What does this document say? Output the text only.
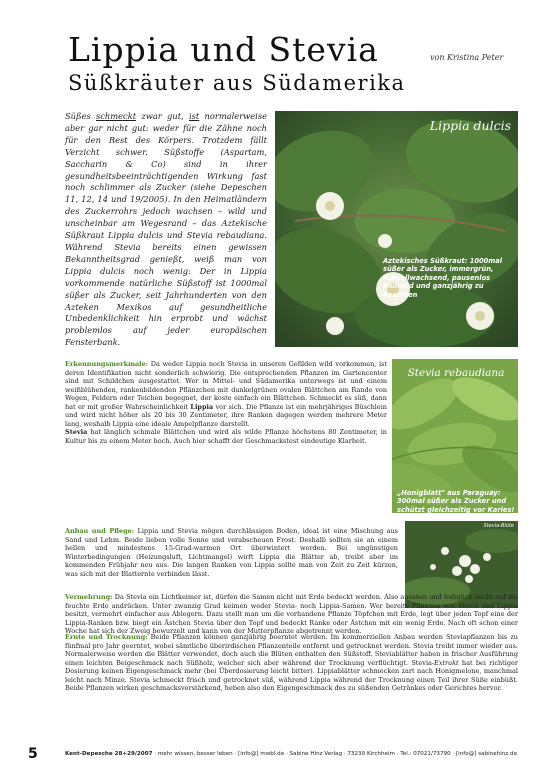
Lippia und Stevia
Süßkräuter aus Südamerika
von Kristina Peter
Süßes schmeckt zwar gut, ist normalerweise aber gar nicht gut: weder für die Zähne noch für den Rest des Körpers. Trotzdem fällt Verzicht schwer. Süßstoffe (Aspartam, Saccharin & Co) sind in ihrer gesundheitsbeeinträchtigenden Wirkung fast noch schlimmer als Zucker (siehe Depeschen 11, 12, 14 und 19/2005). In den Heimatländern des Zuckerrohrs jedoch wachsen – wild und unscheinbar am Wegesrand – das Aztekische Süßkraut Lippia dulcis und Stevia rebaudiana. Während Stevia bereits einen gewissen Bekanntheitsgrad genießt, weiß man von Lippia dulcis noch wenig: Der in Lippia vorkommende natürliche Süßstoff ist 1000mal süßer als Zucker, seit Jahrhunderten von den Azteken Mexikos auf gesundheitliche Unbedenklichkeit hin erprobt und wächst problemlos auf jeder europäischen Fensterbank.
Lippia dulcis
Aztekisches Süßkraut: 1000mal süßer als Zucker, immergrün, schnellwachsend, pausenlos blühend und ganzjährig zu beernten
Stevia rebaudiana
„Honigblatt" aus Paraguay: 300mal süßer als Zucker und schützt gleichzeitig vor Karies!
Stevia-Blüte
Erkennungsmerkmale: Da weder Lippia noch Stevia in unseren Gefilden wild vorkommen, ist deren Identifikation nicht sonderlich schwierig. Die entsprechenden Pflanzen im Gartencenter sind mit Schildchen ausgestattet. Wer in Mittel- und Südamerika unterwegs ist und einem weißblühenden, rankenbildenden Pflänzchen mit dunkelgrünen ovalen Blättchen am Rande von Wegen, Feldern oder Teichen begegnet, der koste einfach ein Blättchen. Schmeckt es süß, dann hat er mit großer Wahrscheinlichkeit Lippia vor sich. Die Pflanze ist ein mehrjähriges Büschlein und wird nicht höher als 20 bis 30 Zentimeter, ihre Ranken dagegen werden mehrere Meter lang, weshalb Lippia eine ideale Ampelpflanze darstellt.
Stevia hat länglich schmale Blättchen und wird als wilde Pflanze höchstens 80 Zentimeter, in Kultur bis zu einem Meter hoch. Auch hier schafft der Geschmackstest eindeutige Klarheit.
Anbau und Pflege: Lippia und Stevia mögen durchlässigen Boden, ideal ist eine Mischung aus Sand und Lehm. Beide lieben volle Sonne und verabscheuen Frost. Deshalb sollten sie an einem hellen und mindestens 15-Grad-warmen Ort überwintert werden. Bei ungünstigen Winterbedingungen (Heizungsluft, Lichtmangel) wirft Lippia die Blätter ab, treibt aber im kommenden Frühjahr neu aus. Die langen Ranken von Lippia sollte man von Zeit zu Zeit kürzen, was sich mit der Blatternte verbinden lässt.
Vermehrung: Da Stevia ein Lichtkeimer ist, dürfen die Samen nicht mit Erde bedeckt werden. Also aussäen und lediglich leicht auf die feuchte Erde andrücken. Unter zwanzig Grad keimen weder Stevia- noch Lippia-Samen. Wer bereits Pflanzen von Stevia und Lippia besitzt, vermehrt einfacher aus Ablegern. Dazu stellt man um die vorhandene Pflanze Töpfchen mit Erde, legt über jeden Topf eine der Lippia-Ranken bzw. biegt ein Ästchen Stevia über den Topf und bedeckt Ranke oder Ästchen mit ein wenig Erde. Nach oft schon einer Woche hat sich der Zweig bewurzelt und kann von der Mutterpflanze abgetrennt werden.
Ernte und Trocknung: Beide Pflanzen können ganzjährig beerntet werden. Im kommerziellen Anbau werden Steviapflanzen bis zu fünfmal pro Jahr geerntet, wobei sämtliche überirdischen Pflanzenteile entfernt und getrocknet werden. Stevia treibt immer wieder aus. Normalerweise werden die Blätter verwendet, doch auch die Blüten enthalten den Süßstoff. Steviablätter haben in frischer Ausführung einen leichten Beigeschmack nach Süßholz, welcher sich aber während der Trocknung verflüchtigt. Stevia-Extrakt hat bei richtiger Dosierung keinen Eigengeschmack mehr (bei Überdosierung leicht bitter). Lippiablätter schmecken zart nach Honigmelone, manchmal leicht nach Minze. Stevia schmeckt frisch und getrocknet süß, während Lippia während der Trocknung einen Teil ihrer Süße einbüßt. Beide Pflanzen wirken geschmacksverstärkend, heben also den Eigengeschmack des zu süßenden Getränkes oder Gerichtes hervor.
5	Kent-Depesche 28+29/2007 · mehr wissen, besser leben · [info@] mwbl.de · Sabine Hinz Verlag · 73230 Kirchheim · Tel.: 07021/73790 · [info@] sabinehinz.de
